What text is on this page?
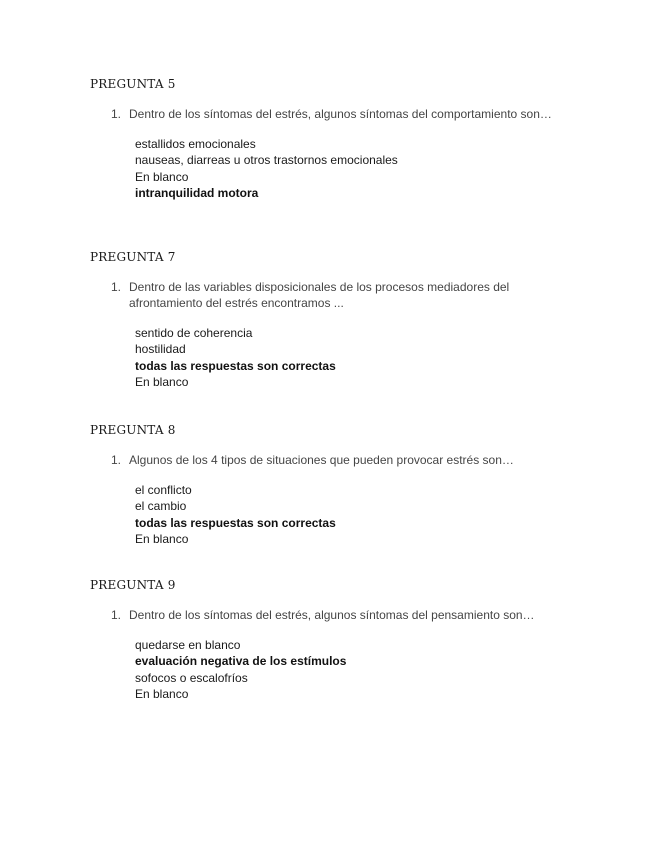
PREGUNTA 5
1. Dentro de los síntomas del estrés, algunos síntomas del comportamiento son…
estallidos emocionales
nauseas, diarreas u otros trastornos emocionales
En blanco
intranquilidad motora
PREGUNTA 7
1. Dentro de las variables disposicionales de los procesos mediadores del afrontamiento del estrés encontramos ...
sentido de coherencia
hostilidad
todas las respuestas son correctas
En blanco
PREGUNTA 8
1. Algunos de los 4 tipos de situaciones que pueden provocar estrés son…
el conflicto
el cambio
todas las respuestas son correctas
En blanco
PREGUNTA 9
1. Dentro de los síntomas del estrés, algunos síntomas del pensamiento son…
quedarse en blanco
evaluación negativa de los estímulos
sofocos o escalofríos
En blanco
